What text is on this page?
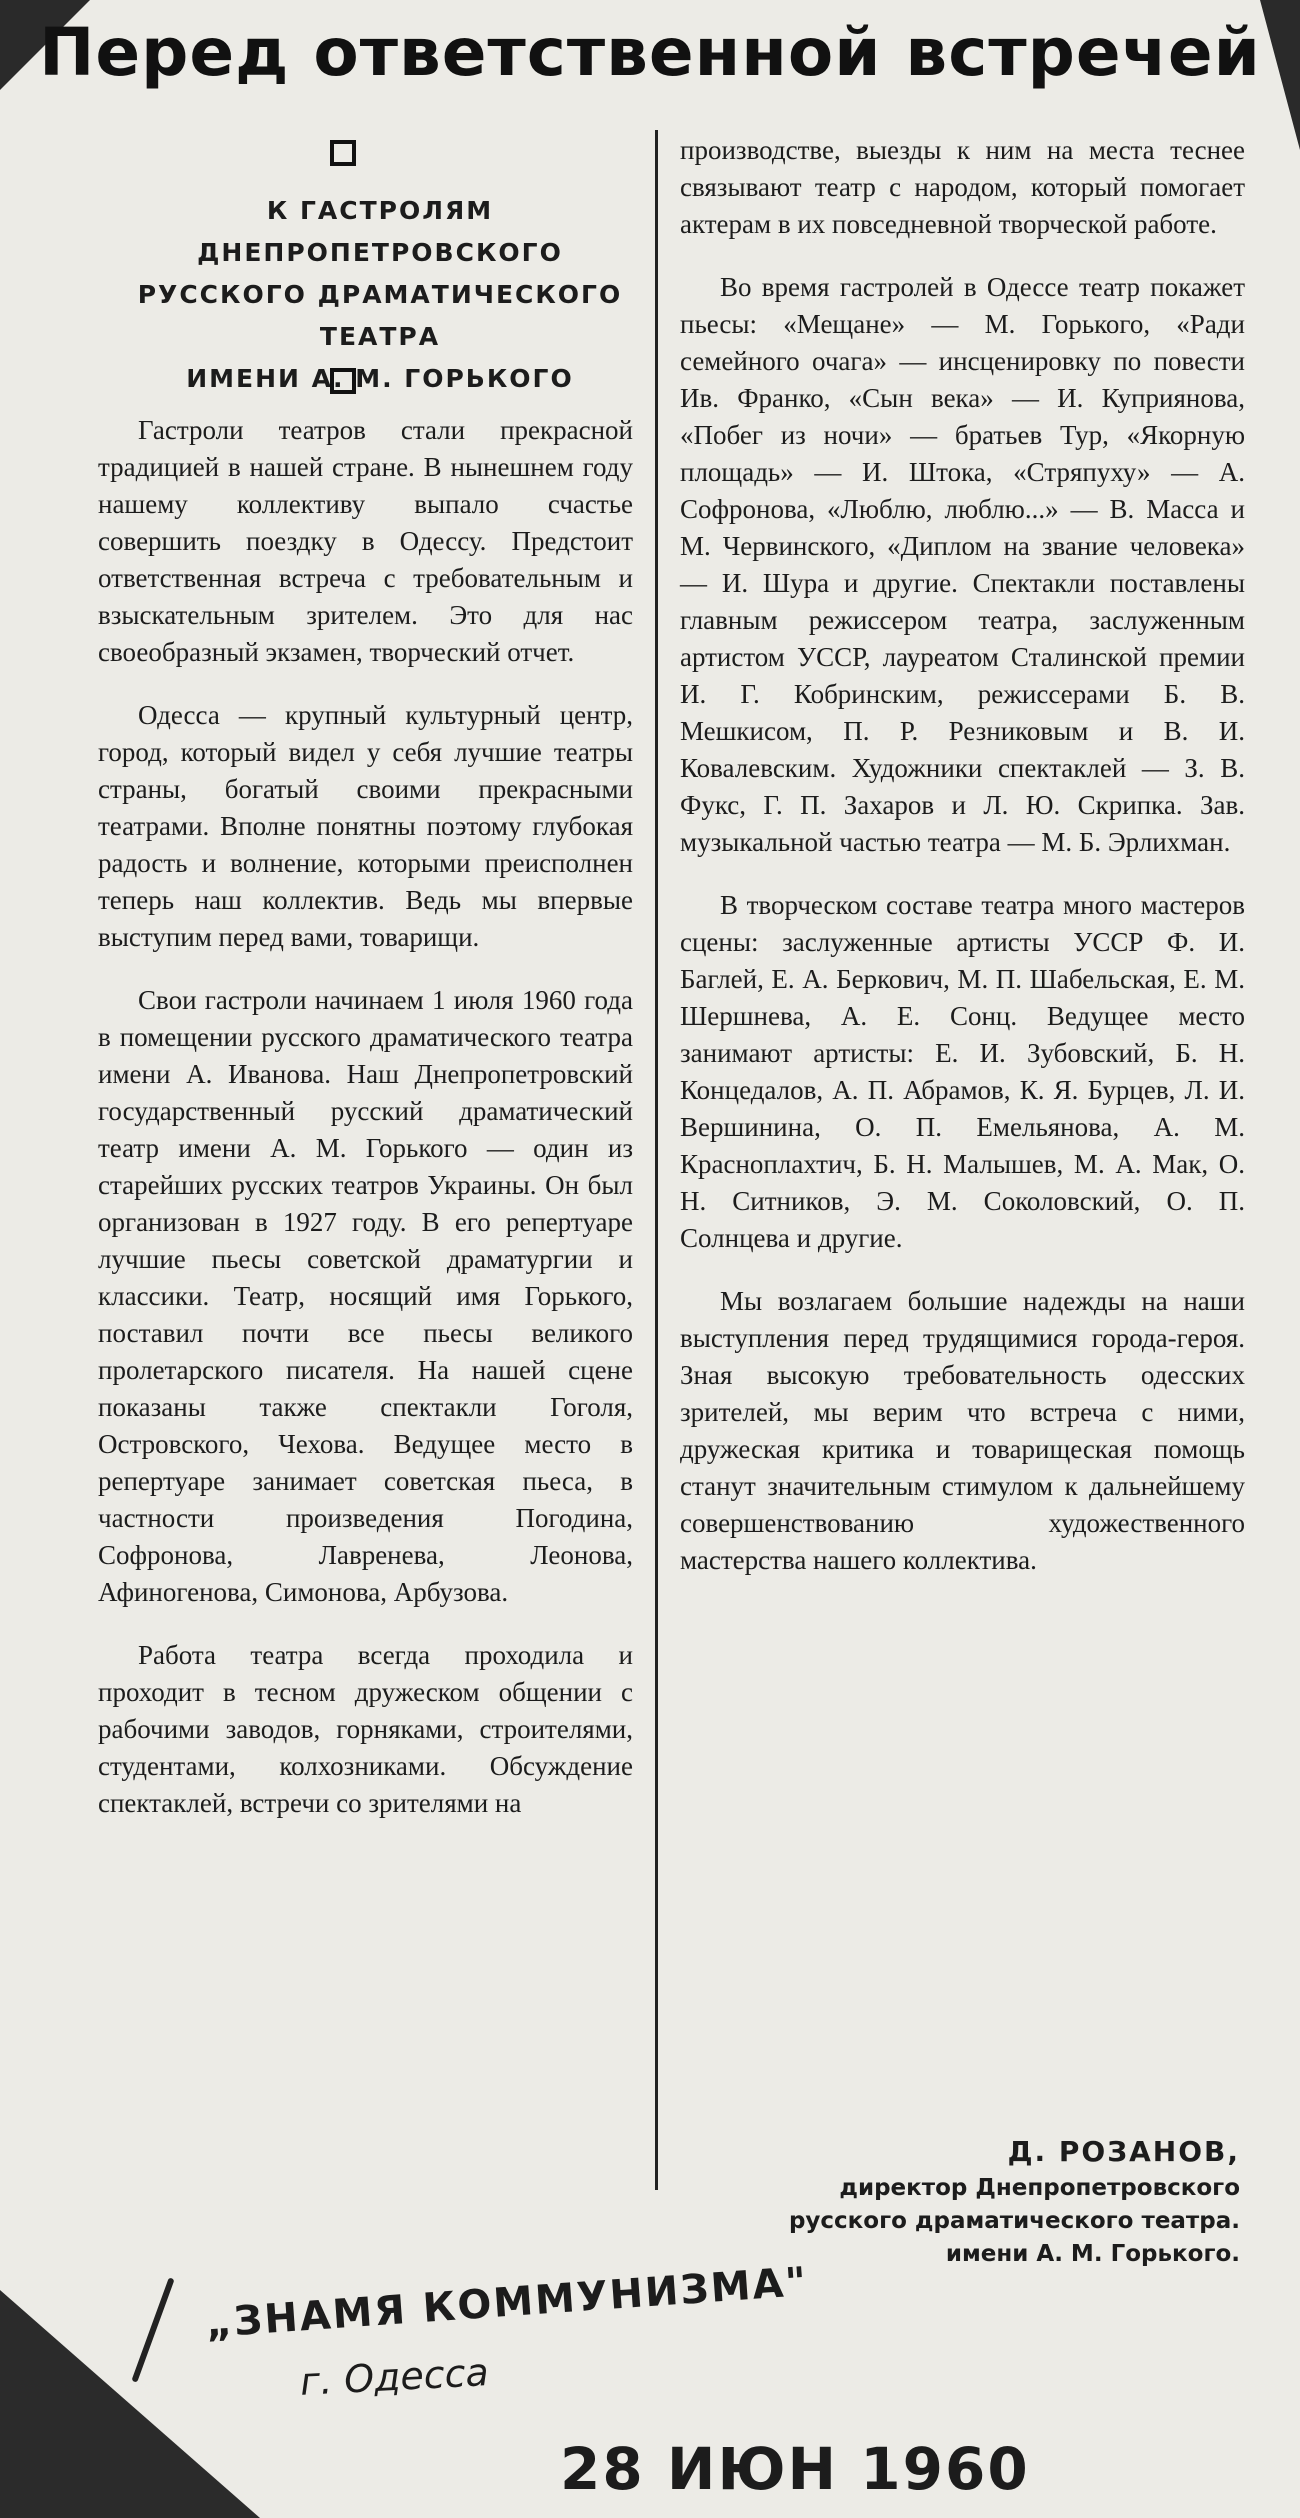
Перед ответственной встречей
К ГАСТРОЛЯМ ДНЕПРОПЕТРОВСКОГО
РУССКОГО ДРАМАТИЧЕСКОГО ТЕАТРА
ИМЕНИ А. М. ГОРЬКОГО

Гастроли театров стали прекрасной традицией в нашей стране. В нынешнем году нашему коллективу выпало счастье совершить поездку в Одессу. Предстоит ответственная встреча с требовательным и взыскательным зрителем. Это для нас своеобразный экзамен, творческий отчет.

Одесса — крупный культурный центр, город, который видел у себя лучшие театры страны, богатый своими прекрасными театрами. Вполне понятны поэтому глубокая радость и волнение, которыми преисполнен теперь наш коллектив. Ведь мы впервые выступим перед вами, товарищи.

Свои гастроли начинаем 1 июля 1960 года в помещении русского драматического театра имени А. Иванова. Наш Днепропетровский государственный русский драматический театр имени А. М. Горького — один из старейших русских театров Украины. Он был организован в 1927 году. В его репертуаре лучшие пьесы советской драматургии и классики. Театр, носящий имя Горького, поставил почти все пьесы великого пролетарского писателя. На нашей сцене показаны также спектакли Гоголя, Островского, Чехова. Ведущее место в репертуаре занимает советская пьеса, в частности произведения Погодина, Софронова, Лавренева, Леонова, Афиногенова, Симонова, Арбузова.

Работа театра всегда проходила и проходит в тесном дружеском общении с рабочими заводов, горняками, строителями, студентами, колхозниками. Обсуждение спектаклей, встречи со зрителями на

производстве, выезды к ним на места теснее связывают театр с народом, который помогает актерам в их повседневной творческой работе.

Во время гастролей в Одессе театр покажет пьесы: «Мещане» — М. Горького, «Ради семейного очага» — инсценировку по повести Ив. Франко, «Сын века» — И. Куприянова, «Побег из ночи» — братьев Тур, «Якорную площадь» — И. Штока, «Стряпуху» — А. Софронова, «Люблю, люблю...» — В. Масса и М. Червинского, «Диплом на звание человека» — И. Шура и другие. Спектакли поставлены главным режиссером театра, заслуженным артистом УССР, лауреатом Сталинской премии И. Г. Кобринским, режиссерами Б. В. Мешкисом, П. Р. Резниковым и В. И. Ковалевским. Художники спектаклей — З. В. Фукс, Г. П. Захаров и Л. Ю. Скрипка. Зав. музыкальной частью театра — М. Б. Эрлихман.

В творческом составе театра много мастеров сцены: заслуженные артисты УССР Ф. И. Баглей, Е. А. Беркович, М. П. Шабельская, Е. М. Шершнева, А. Е. Сонц. Ведущее место занимают артисты: Е. И. Зубовский, Б. Н. Концедалов, А. П. Абрамов, К. Я. Бурцев, Л. И. Вершинина, О. П. Емельянова, А. М. Краснoплахтич, Б. Н. Малышев, М. А. Мак, О. Н. Ситников, Э. М. Соколовский, О. П. Солнцева и другие.

Мы возлагаем большие надежды на наши выступления перед трудящимися города-героя. Зная высокую требовательность одесских зрителей, мы верим что встреча с ними, дружеская критика и товарищеская помощь станут значительным стимулом к дальнейшему совершенствованию художественного мастерства нашего коллектива.

Д. РОЗАНОВ,
директор Днепропетровского
русского драматического театра.
имени А. М. Горького.
„ЗНАМЯ КОММУНИЗМА"
г. Одесса
28 ИЮН 1960
